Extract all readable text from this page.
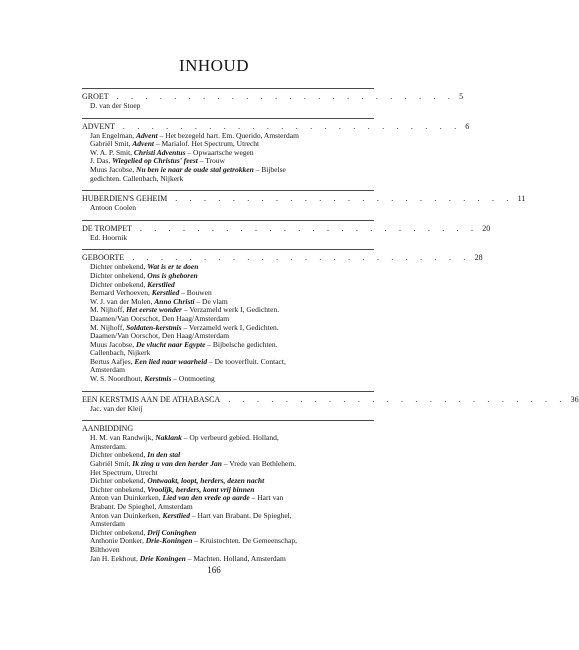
INHOUD
GROET	. . . . . . . . . . . . . . . . . . . . . . . . 5
D. van der Stoep
ADVENT	. . . . . . . . . . . . . . . . . . . . . . . . 6
Jan Engelman, Advent – Het bezegeld hart. Em. Querido, Amsterdam
Gabriël Smit, Advent – Marialof. Het Spectrum, Utrecht
W. A. P. Smit, Christi Adventus – Opwaartsche wegen
J. Das, Wiegelied op Christus' feest – Trouw
Muus Jacobse, Nu ben ie naar de oude stal getrokken – Bijbelse
gedichten. Callenbach, Nijkerk
HUBERDIEN'S GEHEIM	. . . . . . . . . . . . . . . . . . . . . . . . 11
Antoon Coolen
DE TROMPET	. . . . . . . . . . . . . . . . . . . . . . . . 20
Ed. Hoornik
GEBOORTE	. . . . . . . . . . . . . . . . . . . . . . . . 28
Dichter onbekend, Wat is er te doen
Dichter onbekend, Ons is gheboren
Dichter onbekend, Kerstlied
Bernard Verhoeven, Kerstlied – Bouwen
W. J. van der Molen, Anno Christi – De vlam
M. Nijhoff, Het eerste wonder – Verzameld werk I, Gedichten.
Daamen/Van Oorschot, Den Haag/Amsterdam
M. Nijhoff, Soldaten-kerstmis – Verzameld werk I, Gedichten.
Daamen/Van Oorschot, Den Haag/Amsterdam
Muus Jacobse, De vlucht naar Egypte – Bijbelsche gedichten.
Callenbach, Nijkerk
Bertus Aafjes, Een lied naar waarheid – De tooverfluit. Contact,
Amsterdam
W. S. Noordhout, Kerstmis – Ontmoeting
EEN KERSTMIS AAN DE ATHABASCA	. . . . . . . . . . . . . . . . . . . . . . . . 36
Jac. van der Kleij
AANBIDDING
H. M. van Randwijk, Naklank – Op verbeurd gebied. Holland,
Amsterdam.
Dichter onbekend, In den stal
Gabriël Smit, Ik zing u van den herder Jan – Vrede van Bethlehem.
Het Spectrum, Utrecht
Dichter onbekend, Ontwaakt, loopt, herders, dezen nacht
Dichter onbekend, Vroolijk, herders, komt vrij binnen
Anton van Duinkerken, Lied van den vrede op aarde – Hart van
Brabant. De Spieghel, Amsterdam
Anton van Duinkerken, Kerstlied – Hart van Brabant. De Spieghel,
Amsterdam
Dichter onbekend, Drij Coninghen
Anthonie Donker, Drie-Koningen – Kruistochten. De Gemeenschap,
Bilthoven
Jan H. Eekhout, Drie Koningen – Machten. Holland, Amsterdam
166
